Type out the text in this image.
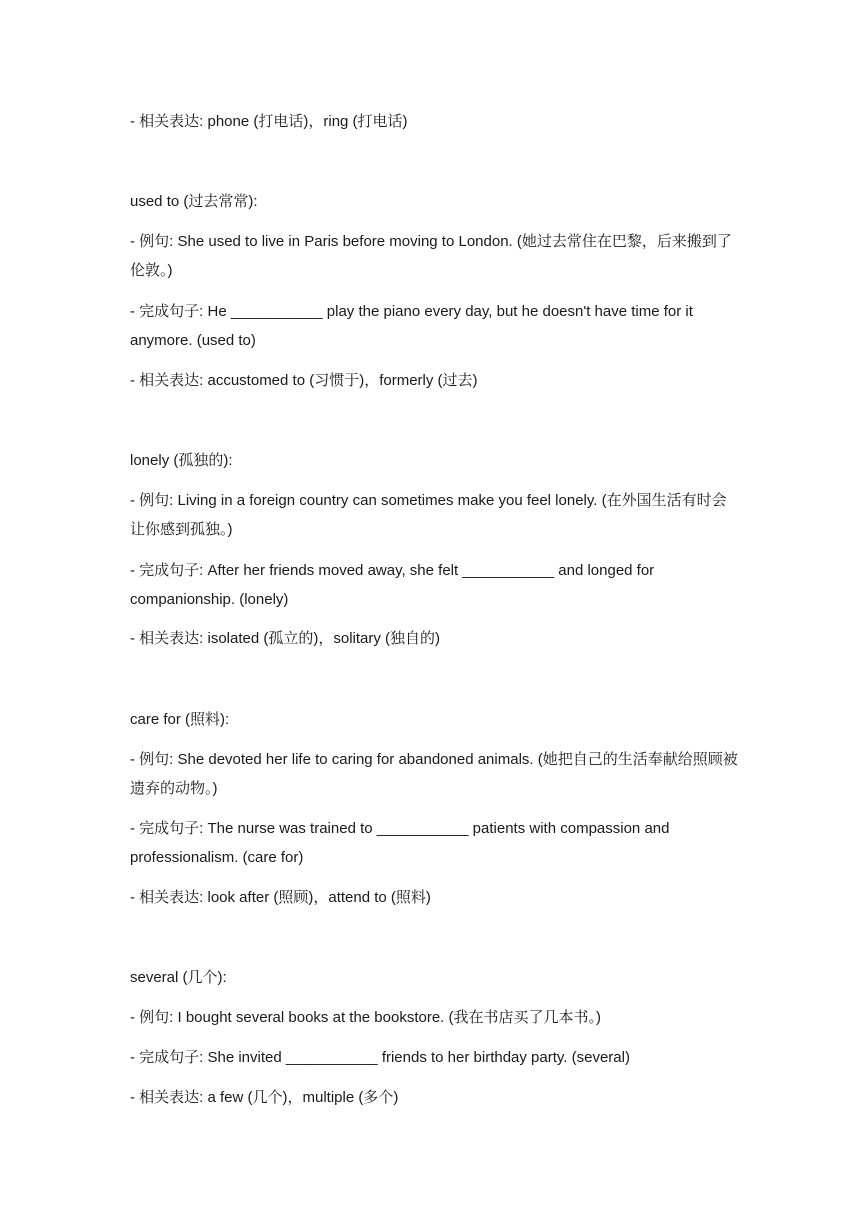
- 相关表达: phone (打电话)，ring (打电话)
used to (过去常常):
- 例句: She used to live in Paris before moving to London. (她过去常住在巴黎，后来搬到了伦敦。)
- 完成句子: He ___________ play the piano every day, but he doesn't have time for it anymore. (used to)
- 相关表达: accustomed to (习惯于)，formerly (过去)
lonely (孤独的):
- 例句: Living in a foreign country can sometimes make you feel lonely. (在外国生活有时会让你感到孤独。)
- 完成句子: After her friends moved away, she felt ___________ and longed for companionship. (lonely)
- 相关表达: isolated (孤立的)，solitary (独自的)
care for (照料):
- 例句: She devoted her life to caring for abandoned animals. (她把自己的生活奉献给照顾被遗弃的动物。)
- 完成句子: The nurse was trained to ___________ patients with compassion and professionalism. (care for)
- 相关表达: look after (照顾)，attend to (照料)
several (几个):
- 例句: I bought several books at the bookstore. (我在书店买了几本书。)
- 完成句子: She invited ___________ friends to her birthday party. (several)
- 相关表达: a few (几个)，multiple (多个)
